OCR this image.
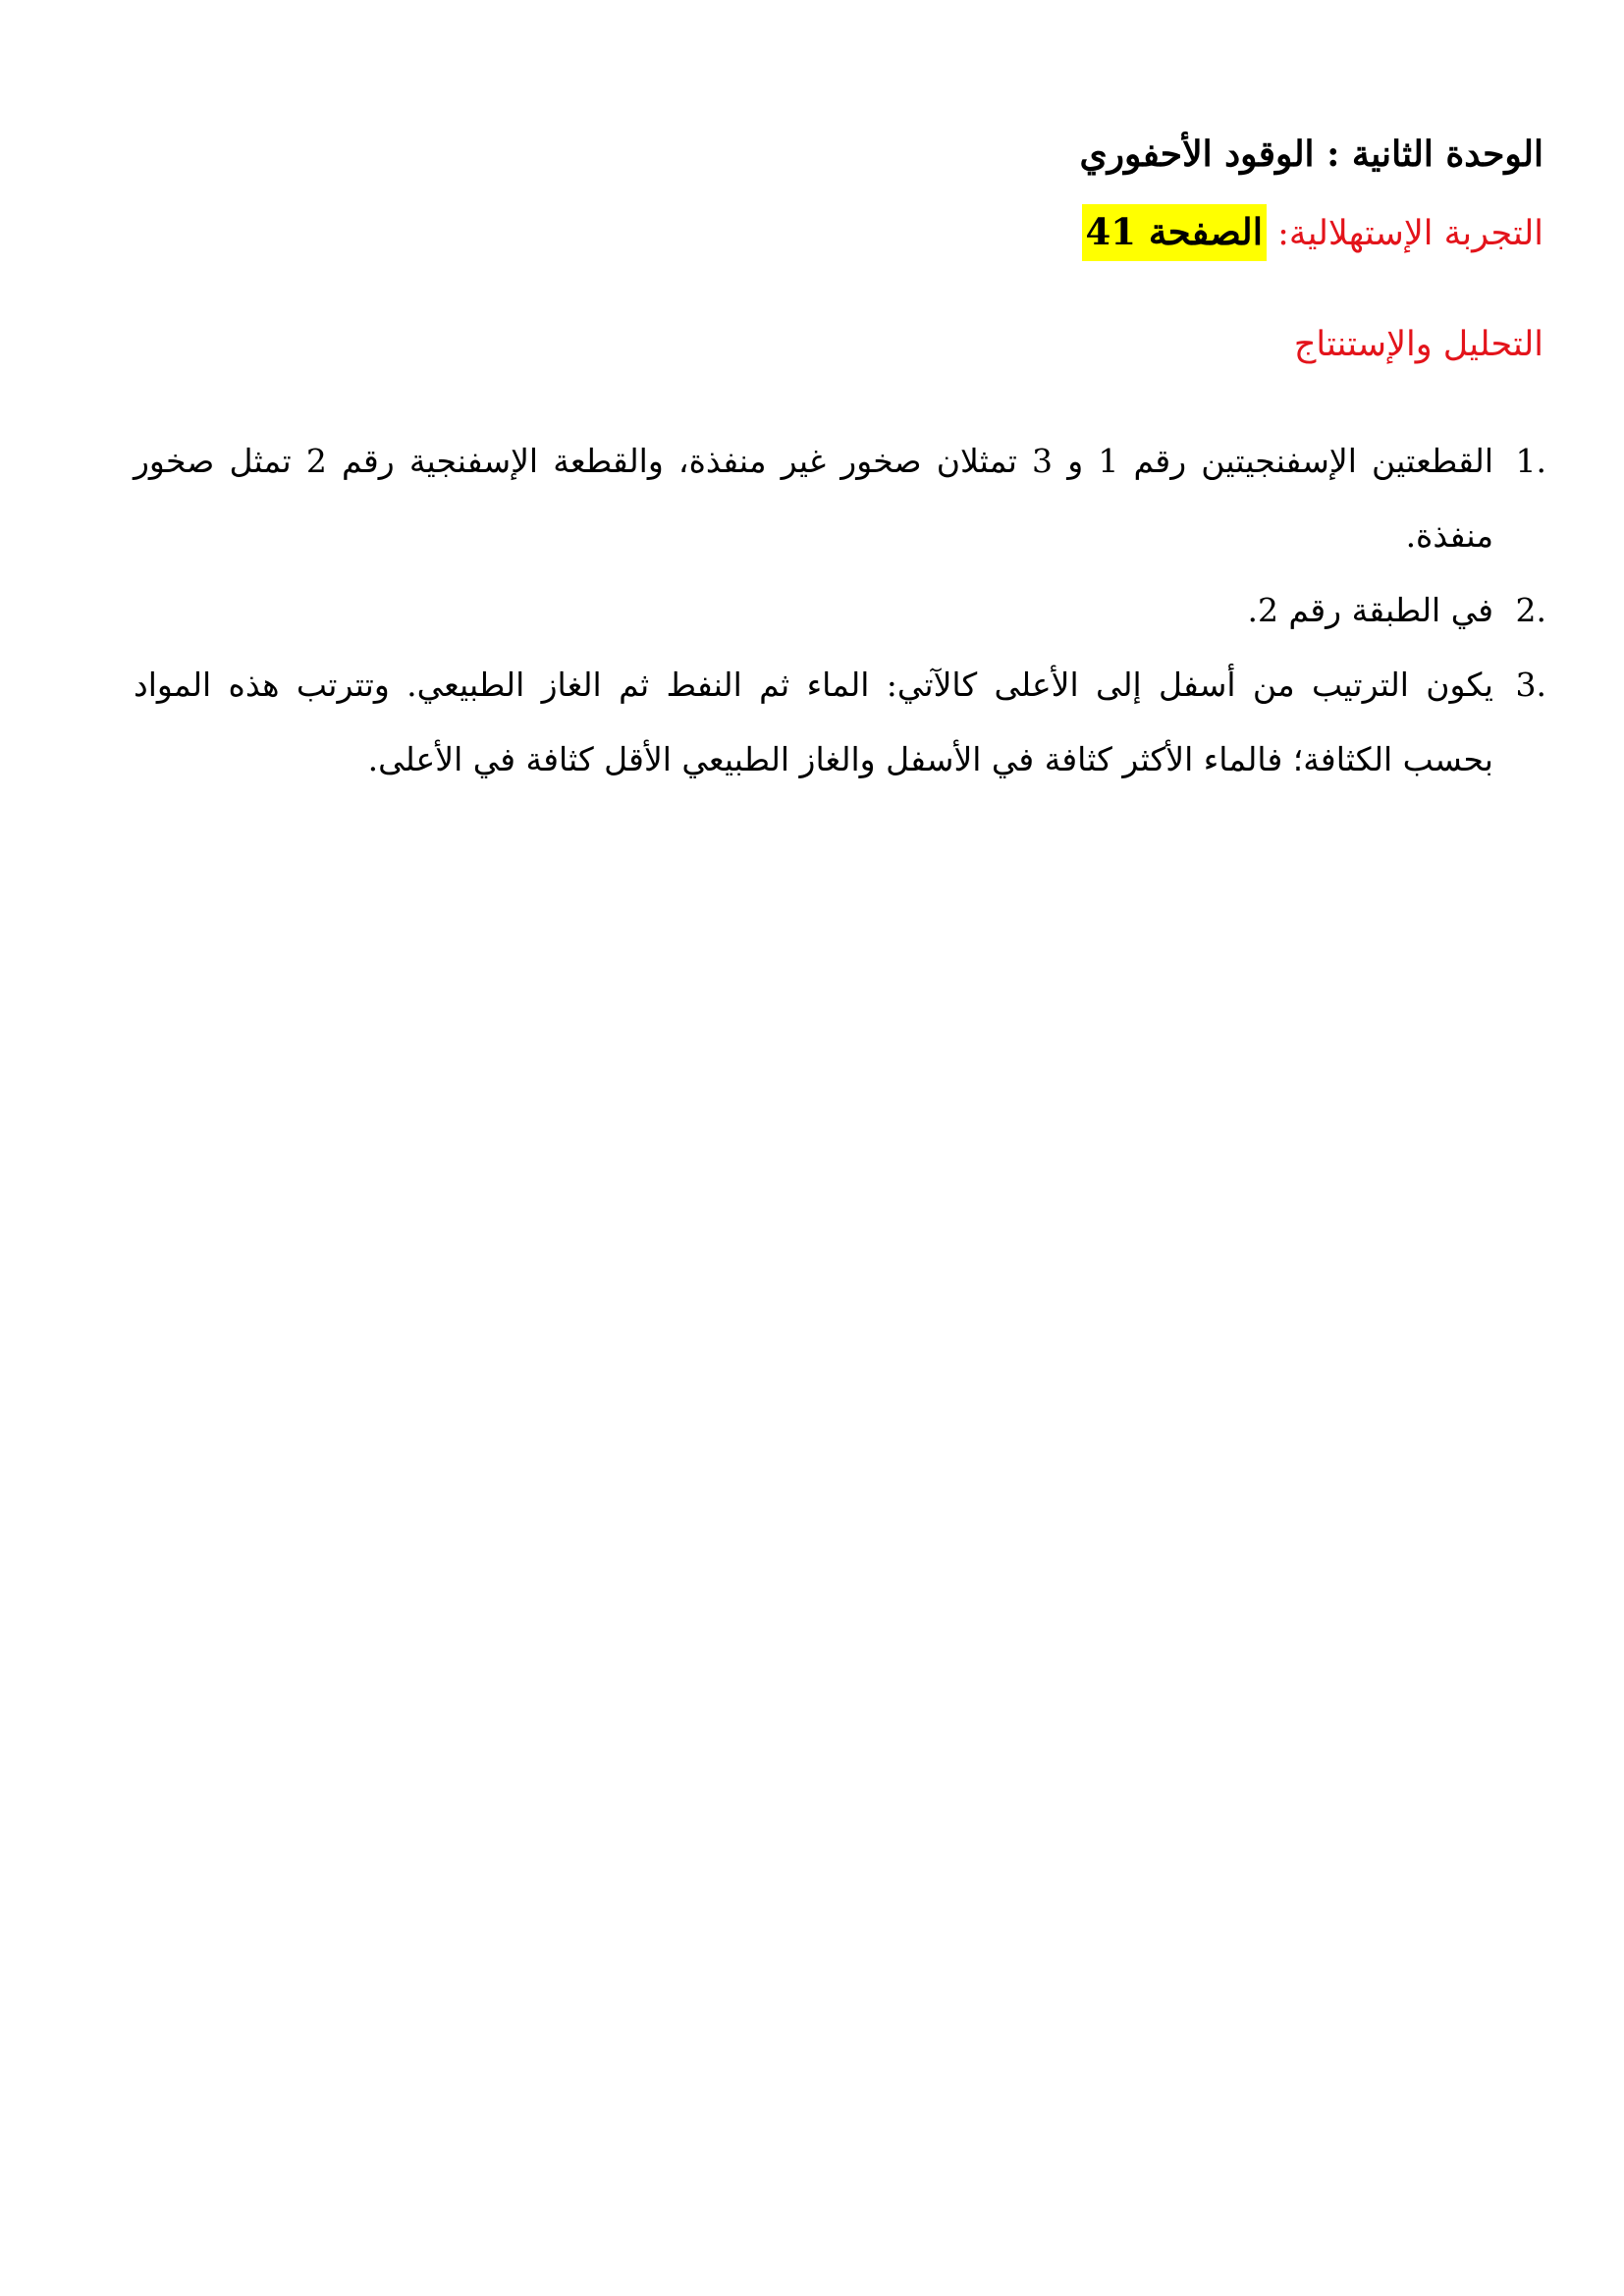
الوحدة الثانية : الوقود الأحفوري
التجربة الإستهلالية: الصفحة 41
التحليل والإستنتاج
1.
القطعتين الإسفنجيتين رقم 1 و 3 تمثلان صخور غير منفذة، والقطعة الإسفنجية رقم 2 تمثل صخور منفذة.
2.
في الطبقة رقم 2.
3.
يكون الترتيب من أسفل إلى الأعلى كالآتي: الماء ثم النفط ثم الغاز الطبيعي. وتترتب هذه المواد بحسب الكثافة؛ فالماء الأكثر كثافة في الأسفل والغاز الطبيعي الأقل كثافة في الأعلى.
